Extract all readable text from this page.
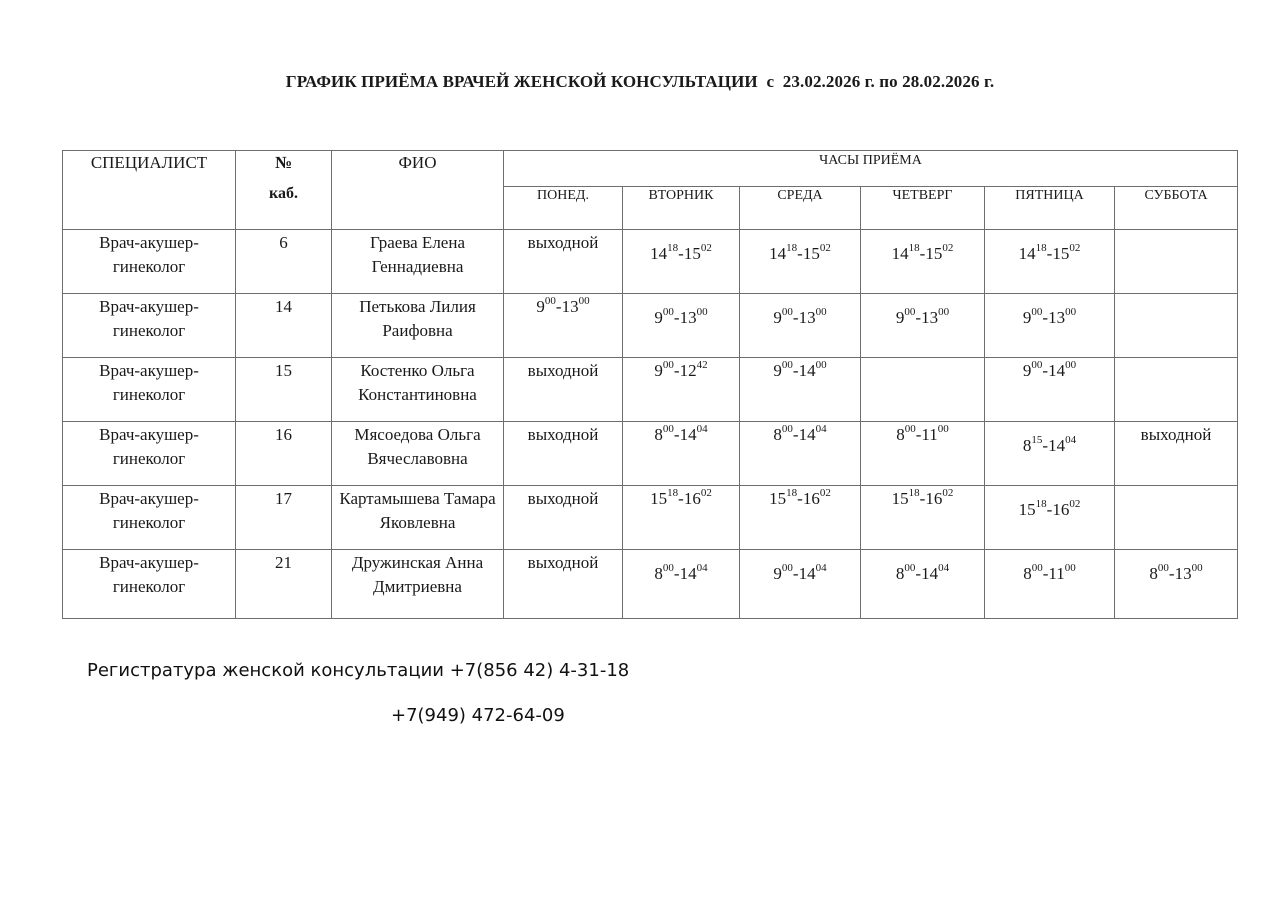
ГРАФИК ПРИЁМА ВРАЧЕЙ ЖЕНСКОЙ КОНСУЛЬТАЦИИ  с  23.02.2026 г. по 28.02.2026 г.
СПЕЦИАЛИСТ	№
каб.	ФИО	ЧАСЫ ПРИЁМА					

			ПОНЕД.	ВТОРНИК	СРЕДА	ЧЕТВЕРГ	ПЯТНИЦА	СУББОТА

Врач-акушер-гинеколог	6	Граева Елена Геннадиевна	выходной	$14^{18}-15^{02}$	$14^{18}-15^{02}$	$14^{18}-15^{02}$	$14^{18}-15^{02}$

Врач-акушер-гинеколог	14	Петькова Лилия Раифовна	$9^{00}-13^{00}$	$9^{00}-13^{00}$	$9^{00}-13^{00}$	$9^{00}-13^{00}$	$9^{00}-13^{00}$

Врач-акушер-гинеколог	15	Костенко Ольга Константиновна	выходной	$9^{00}-12^{42}$	$9^{00}-14^{00}$		$9^{00}-14^{00}$

Врач-акушер-гинеколог	16	Мясоедова Ольга Вячеславовна	выходной	$8^{00}-14^{04}$	$8^{00}-14^{04}$	$8^{00}-11^{00}$	$8^{15}-14^{04}$	выходной

Врач-акушер-гинеколог	17	Картамышева Тамара Яковлевна	выходной	$15^{18}-16^{02}$	$15^{18}-16^{02}$	$15^{18}-16^{02}$	$15^{18}-16^{02}$

Врач-акушер-гинеколог	21	Дружинская Анна Дмитриевна	выходной	$8^{00}-14^{04}$	$9^{00}-14^{04}$	$8^{00}-14^{04}$	$8^{00}-11^{00}$	$8^{00}-13^{00}$
Регистратура женской консультации +7(856 42) 4-31-18
+7(949) 472-64-09
